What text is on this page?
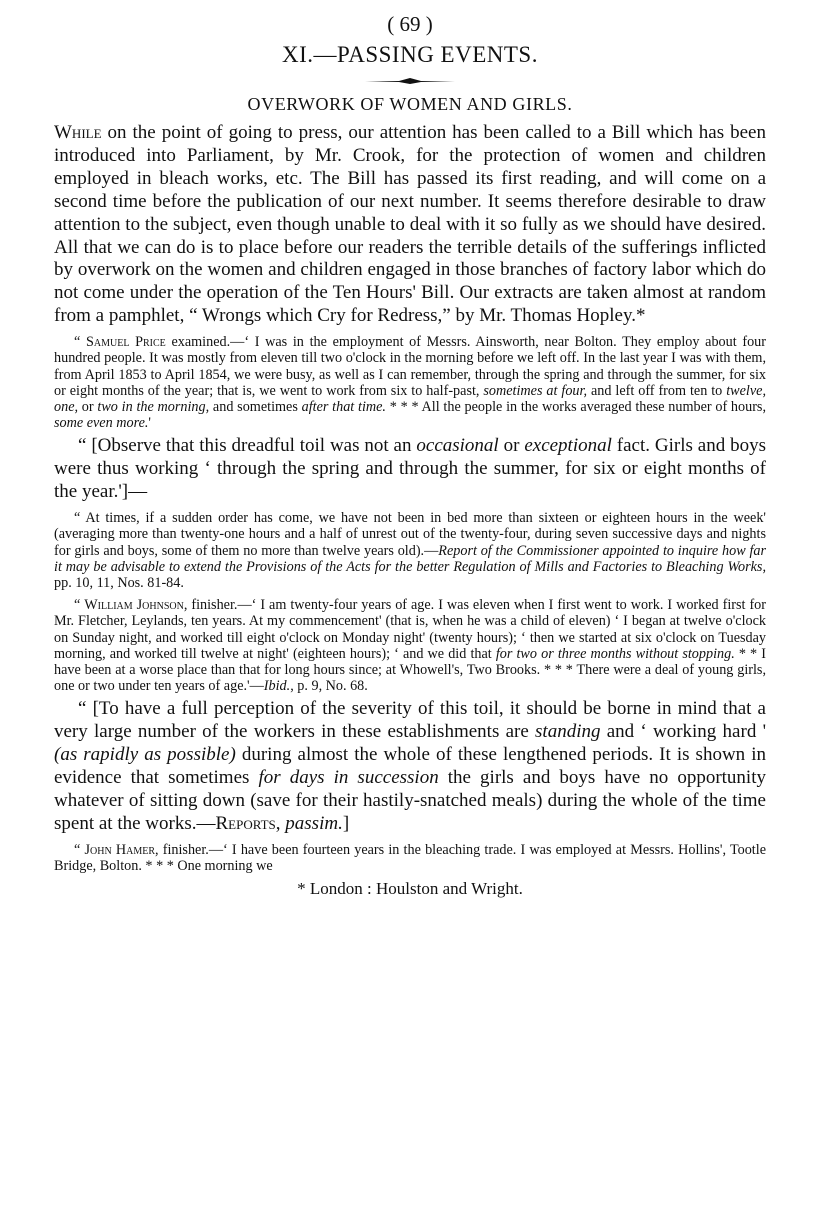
( 69 )

XI.—PASSING EVENTS.
OVERWORK OF WOMEN AND GIRLS.

While on the point of going to press, our attention has been called to a Bill which has been introduced into Parliament, by Mr. Crook, for the protection of women and children employed in bleach works, etc. The Bill has passed its first reading, and will come on a second time before the publication of our next number. It seems therefore desirable to draw attention to the subject, even though unable to deal with it so fully as we should have desired. All that we can do is to place before our readers the terrible details of the sufferings inflicted by overwork on the women and children engaged in those branches of factory labor which do not come under the operation of the Ten Hours' Bill. Our extracts are taken almost at random from a pamphlet, “ Wrongs which Cry for Redress,” by Mr. Thomas Hopley.*

“ Samuel Price examined.—‘ I was in the employment of Messrs. Ainsworth, near Bolton. They employ about four hundred people. It was mostly from eleven till two o'clock in the morning before we left off. In the last year I was with them, from April 1853 to April 1854, we were busy, as well as I can remember, through the spring and through the summer, for six or eight months of the year; that is, we went to work from six to half-past, sometimes at four, and left off from ten to twelve, one, or two in the morning, and sometimes after that time. * * * All the people in the works averaged these number of hours, some even more.'

“ [Observe that this dreadful toil was not an occasional or exceptional fact. Girls and boys were thus working ‘ through the spring and through the summer, for six or eight months of the year.']—

“ At times, if a sudden order has come, we have not been in bed more than sixteen or eighteen hours in the week' (averaging more than twenty-one hours and a half of unrest out of the twenty-four, during seven successive days and nights for girls and boys, some of them no more than twelve years old).—Report of the Commissioner appointed to inquire how far it may be advisable to extend the Provisions of the Acts for the better Regulation of Mills and Factories to Bleaching Works, pp. 10, 11, Nos. 81-84.

“ William Johnson, finisher.—‘ I am twenty-four years of age. I was eleven when I first went to work. I worked first for Mr. Fletcher, Leylands, ten years. At my commencement' (that is, when he was a child of eleven) ‘ I began at twelve o'clock on Sunday night, and worked till eight o'clock on Monday night' (twenty hours); ‘ then we started at six o'clock on Tuesday morning, and worked till twelve at night' (eighteen hours); ‘ and we did that for two or three months without stopping. * * I have been at a worse place than that for long hours since; at Whowell's, Two Brooks. * * * There were a deal of young girls, one or two under ten years of age.'—Ibid., p. 9, No. 68.

“ [To have a full perception of the severity of this toil, it should be borne in mind that a very large number of the workers in these establishments are standing and ‘ working hard ' (as rapidly as possible) during almost the whole of these lengthened periods. It is shown in evidence that sometimes for days in succession the girls and boys have no opportunity whatever of sitting down (save for their hastily-snatched meals) during the whole of the time spent at the works.—Reports, passim.]

“ John Hamer, finisher.—‘ I have been fourteen years in the bleaching trade. I was employed at Messrs. Hollins', Tootle Bridge, Bolton. * * * One morning we

* London : Houlston and Wright.
